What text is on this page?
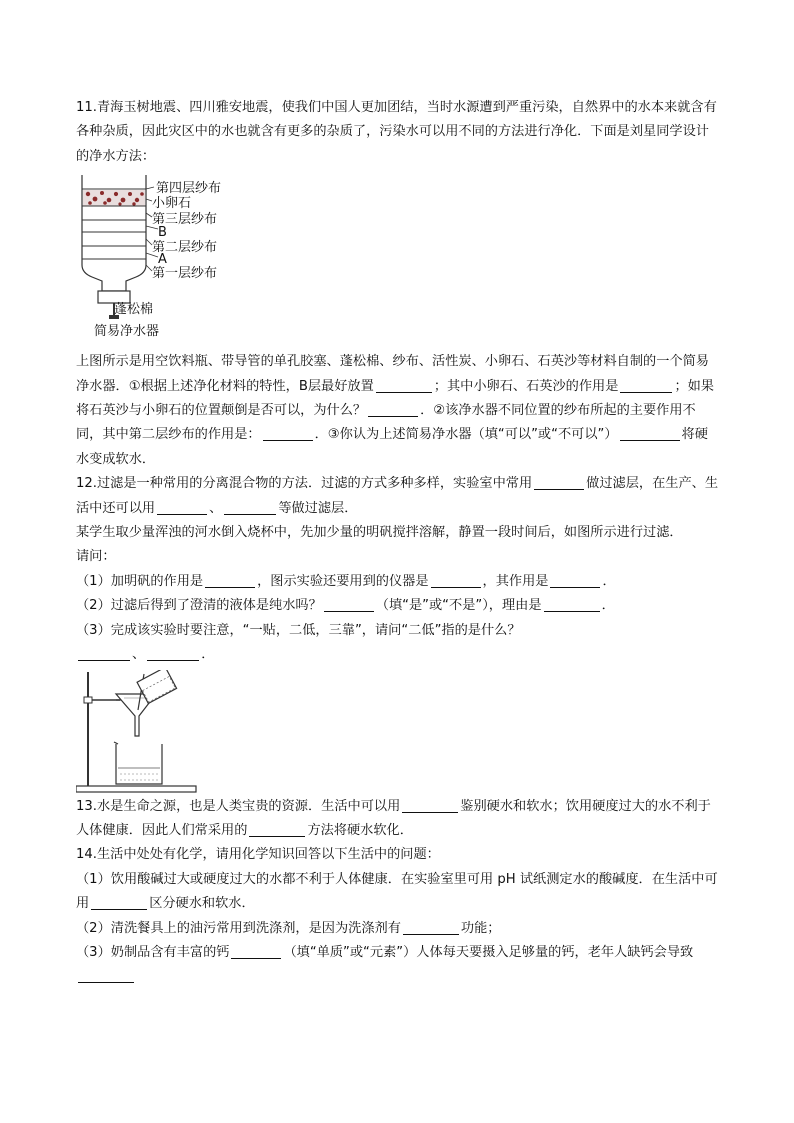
11.青海玉树地震、四川雅安地震，使我们中国人更加团结，当时水源遭到严重污染，自然界中的水本来就含有各种杂质，因此灾区中的水也就含有更多的杂质了，污染水可以用不同的方法进行净化．下面是刘星同学设计的净水方法：

第四层纱布
小卵石
第三层纱布
B
第二层纱布
A
第一层纱布
蓬松棉
简易净水器

上图所示是用空饮料瓶、带导管的单孔胶塞、蓬松棉、纱布、活性炭、小卵石、石英沙等材料自制的一个简易净水器．①根据上述净化材料的特性，B层最好放置	；其中小卵石、石英沙的作用是	；如果将石英沙与小卵石的位置颠倒是否可以，为什么？	．②该净水器不同位置的纱布所起的主要作用不同，其中第二层纱布的作用是：	．③你认为上述简易净水器（填“可以”或“不可以”）	将硬水变成软水．

12.过滤是一种常用的分离混合物的方法．过滤的方式多种多样，实验室中常用	做过滤层，在生产、生活中还可以用	、	等做过滤层．

某学生取少量浑浊的河水倒入烧杯中，先加少量的明矾搅拌溶解，静置一段时间后，如图所示进行过滤．

请问：

（1）加明矾的作用是	，图示实验还要用到的仪器是	，其作用是	．

（2）过滤后得到了澄清的液体是纯水吗？	（填“是”或“不是”），理由是	．

（3）完成该实验时要注意，“一贴，二低，三靠”，请问“二低”指的是什么？

、	．

13.水是生命之源，也是人类宝贵的资源．生活中可以用	鉴别硬水和软水；饮用硬度过大的水不利于人体健康．因此人们常采用的	方法将硬水软化．

14.生活中处处有化学，请用化学知识回答以下生活中的问题：

（1）饮用酸碱过大或硬度过大的水都不利于人体健康．在实验室里可用 pH 试纸测定水的酸碱度．在生活中可用	区分硬水和软水．

（2）清洗餐具上的油污常用到洗涤剂，是因为洗涤剂有	功能；

（3）奶制品含有丰富的钙	（填“单质”或“元素”）人体每天要摄入足够量的钙，老年人缺钙会导致
